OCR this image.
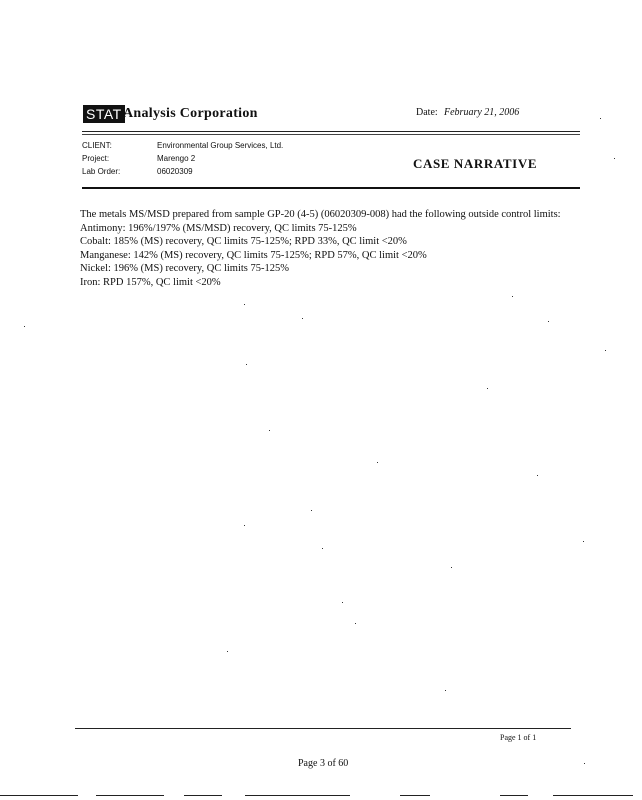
STAT Analysis Corporation	Date: February 21, 2006
CLIENT:	Environmental Group Services, Ltd.
Project:	Marengo 2
Lab Order:	06020309
CASE NARRATIVE

The metals MS/MSD prepared from sample GP-20 (4-5) (06020309-008) had the following outside control limits:

Antimony: 196%/197% (MS/MSD) recovery, QC limits 75-125%

Cobalt: 185% (MS) recovery, QC limits 75-125%; RPD 33%, QC limit <20%

Manganese: 142% (MS) recovery, QC limits 75-125%; RPD 57%, QC limit <20%

Nickel: 196% (MS) recovery, QC limits 75-125%

Iron: RPD 157%, QC limit <20%

Page 1 of 1
Page 3 of 60
